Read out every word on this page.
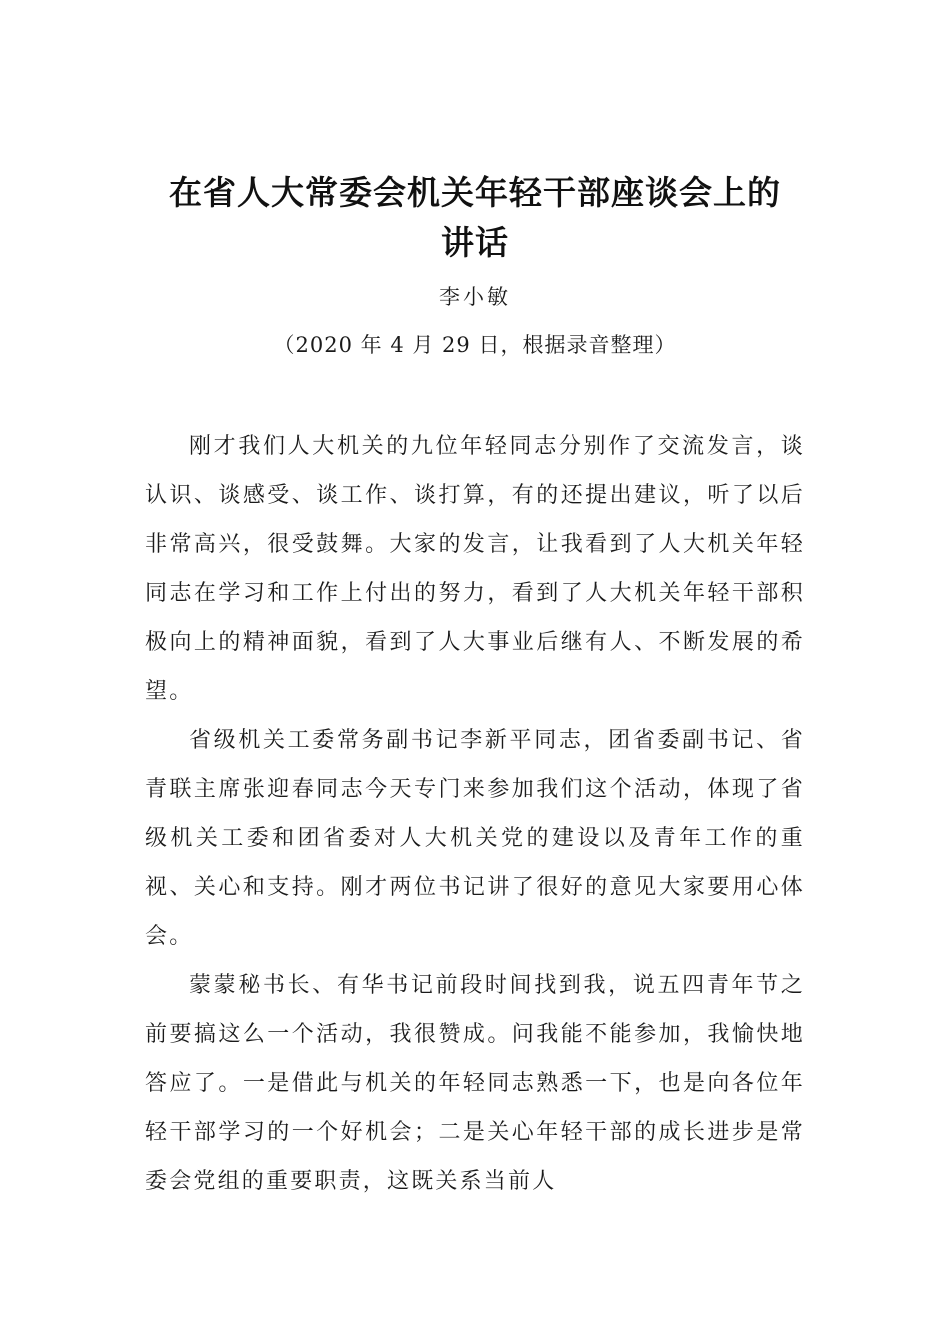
在省人大常委会机关年轻干部座谈会上的
讲话
李小敏
（2020 年 4 月 29 日，根据录音整理）

刚才我们人大机关的九位年轻同志分别作了交流发言，谈认识、谈感受、谈工作、谈打算，有的还提出建议，听了以后非常高兴，很受鼓舞。大家的发言，让我看到了人大机关年轻同志在学习和工作上付出的努力，看到了人大机关年轻干部积极向上的精神面貌，看到了人大事业后继有人、不断发展的希望。

省级机关工委常务副书记李新平同志，团省委副书记、省青联主席张迎春同志今天专门来参加我们这个活动，体现了省级机关工委和团省委对人大机关党的建设以及青年工作的重视、关心和支持。刚才两位书记讲了很好的意见大家要用心体会。

蒙蒙秘书长、有华书记前段时间找到我，说五四青年节之前要搞这么一个活动，我很赞成。问我能不能参加，我愉快地答应了。一是借此与机关的年轻同志熟悉一下，也是向各位年轻干部学习的一个好机会；二是关心年轻干部的成长进步是常委会党组的重要职责，这既关系当前人
